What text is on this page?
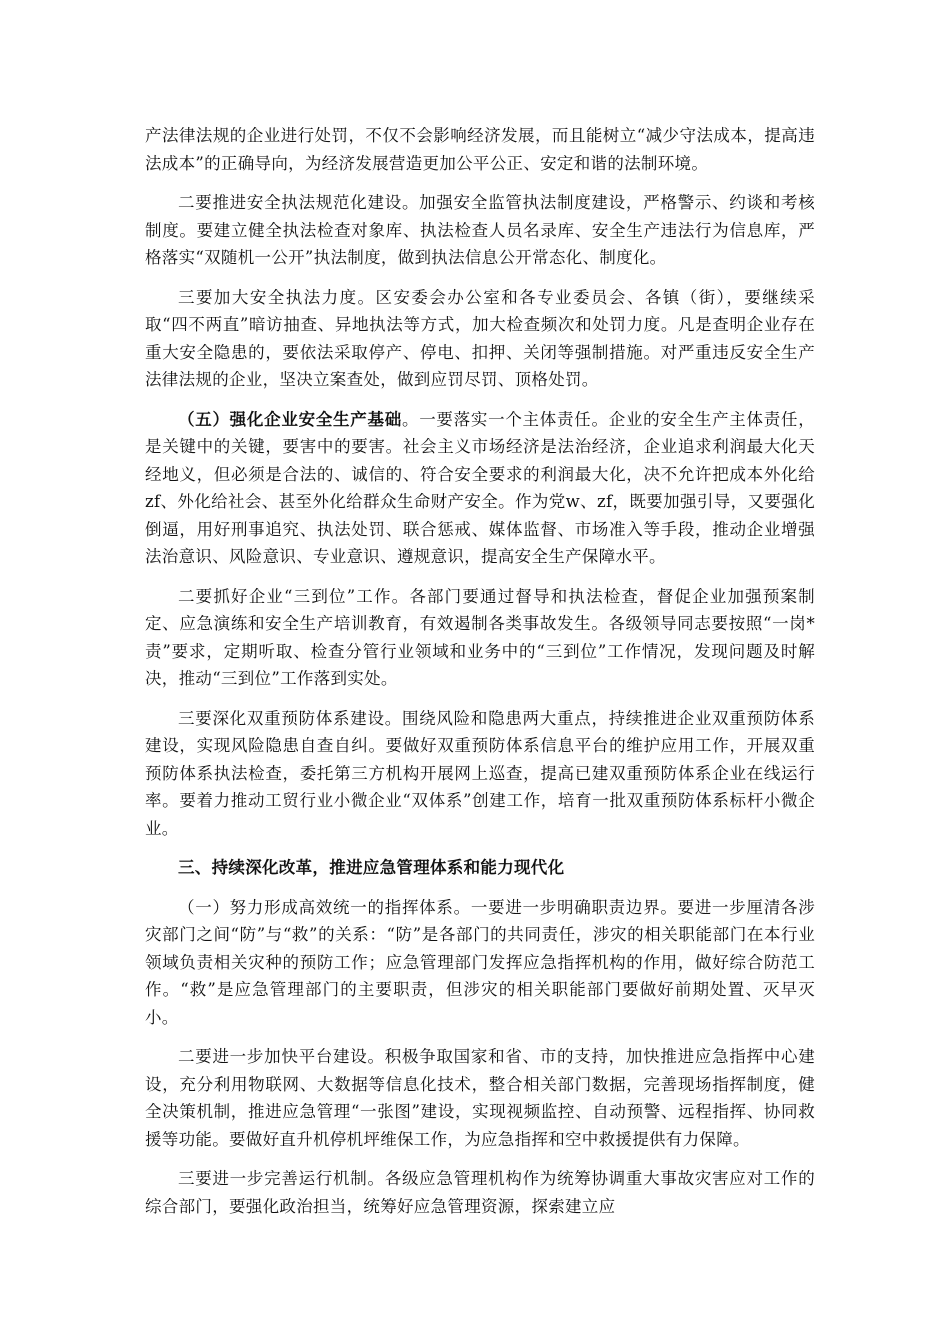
产法律法规的企业进行处罚，不仅不会影响经济发展，而且能树立“减少守法成本，提高违法成本”的正确导向，为经济发展营造更加公平公正、安定和谐的法制环境。

二要推进安全执法规范化建设。加强安全监管执法制度建设，严格警示、约谈和考核制度。要建立健全执法检查对象库、执法检查人员名录库、安全生产违法行为信息库，严格落实“双随机一公开”执法制度，做到执法信息公开常态化、制度化。

三要加大安全执法力度。区安委会办公室和各专业委员会、各镇（街），要继续采取“四不两直”暗访抽查、异地执法等方式，加大检查频次和处罚力度。凡是查明企业存在重大安全隐患的，要依法采取停产、停电、扣押、关闭等强制措施。对严重违反安全生产法律法规的企业，坚决立案查处，做到应罚尽罚、顶格处罚。

（五）强化企业安全生产基础。一要落实一个主体责任。企业的安全生产主体责任，是关键中的关键，要害中的要害。社会主义市场经济是法治经济，企业追求利润最大化天经地义，但必须是合法的、诚信的、符合安全要求的利润最大化，决不允许把成本外化给zf、外化给社会、甚至外化给群众生命财产安全。作为党w、zf，既要加强引导，又要强化倒逼，用好刑事追究、执法处罚、联合惩戒、媒体监督、市场准入等手段，推动企业增强法治意识、风险意识、专业意识、遵规意识，提高安全生产保障水平。

二要抓好企业“三到位”工作。各部门要通过督导和执法检查，督促企业加强预案制定、应急演练和安全生产培训教育，有效遏制各类事故发生。各级领导同志要按照“一岗*责”要求，定期听取、检查分管行业领域和业务中的“三到位”工作情况，发现问题及时解决，推动“三到位”工作落到实处。

三要深化双重预防体系建设。围绕风险和隐患两大重点，持续推进企业双重预防体系建设，实现风险隐患自查自纠。要做好双重预防体系信息平台的维护应用工作，开展双重预防体系执法检查，委托第三方机构开展网上巡查，提高已建双重预防体系企业在线运行率。要着力推动工贸行业小微企业“双体系”创建工作，培育一批双重预防体系标杆小微企业。

三、持续深化改革，推进应急管理体系和能力现代化

（一）努力形成高效统一的指挥体系。一要进一步明确职责边界。要进一步厘清各涉灾部门之间“防”与“救”的关系：“防”是各部门的共同责任，涉灾的相关职能部门在本行业领域负责相关灾种的预防工作；应急管理部门发挥应急指挥机构的作用，做好综合防范工作。“救”是应急管理部门的主要职责，但涉灾的相关职能部门要做好前期处置、灭早灭小。

二要进一步加快平台建设。积极争取国家和省、市的支持，加快推进应急指挥中心建设，充分利用物联网、大数据等信息化技术，整合相关部门数据，完善现场指挥制度，健全决策机制，推进应急管理“一张图”建设，实现视频监控、自动预警、远程指挥、协同救援等功能。要做好直升机停机坪维保工作，为应急指挥和空中救援提供有力保障。

三要进一步完善运行机制。各级应急管理机构作为统筹协调重大事故灾害应对工作的综合部门，要强化政治担当，统筹好应急管理资源，探索建立应
